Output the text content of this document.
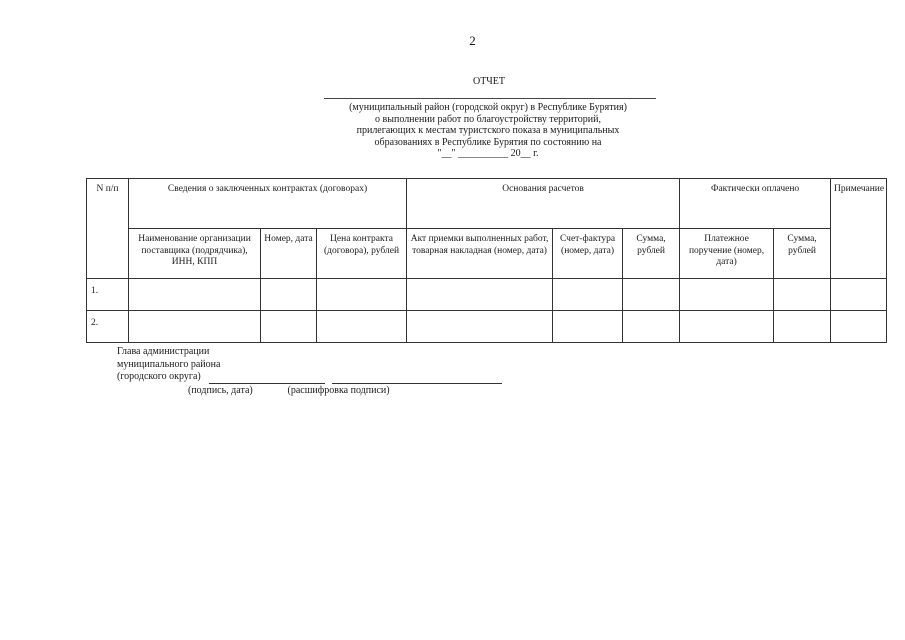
2
ОТЧЕТ
(муниципальный район (городской округ) в Республике Бурятия)
о выполнении работ по благоустройству территорий,
прилегающих к местам туристского показа в муниципальных
образованиях в Республике Бурятия по состоянию на
"__" __________ 20__ г.
N п/п	Сведения о заключенных контрактах (договорах)			Основания расчетов			Фактически оплачено		Примечание
	Наименование организации поставщика (подрядчика), ИНН, КПП	Номер, дата	Цена контракта (договора), рублей	Акт приемки выполненных работ, товарная накладная (номер, дата)	Счет-фактура (номер, дата)	Сумма, рублей	Платежное поручение (номер, дата)	Сумма, рублей	
1.									
2.									
Глава администрации
муниципального района
(городского округа)
(подпись, дата)	(расшифровка подписи)
